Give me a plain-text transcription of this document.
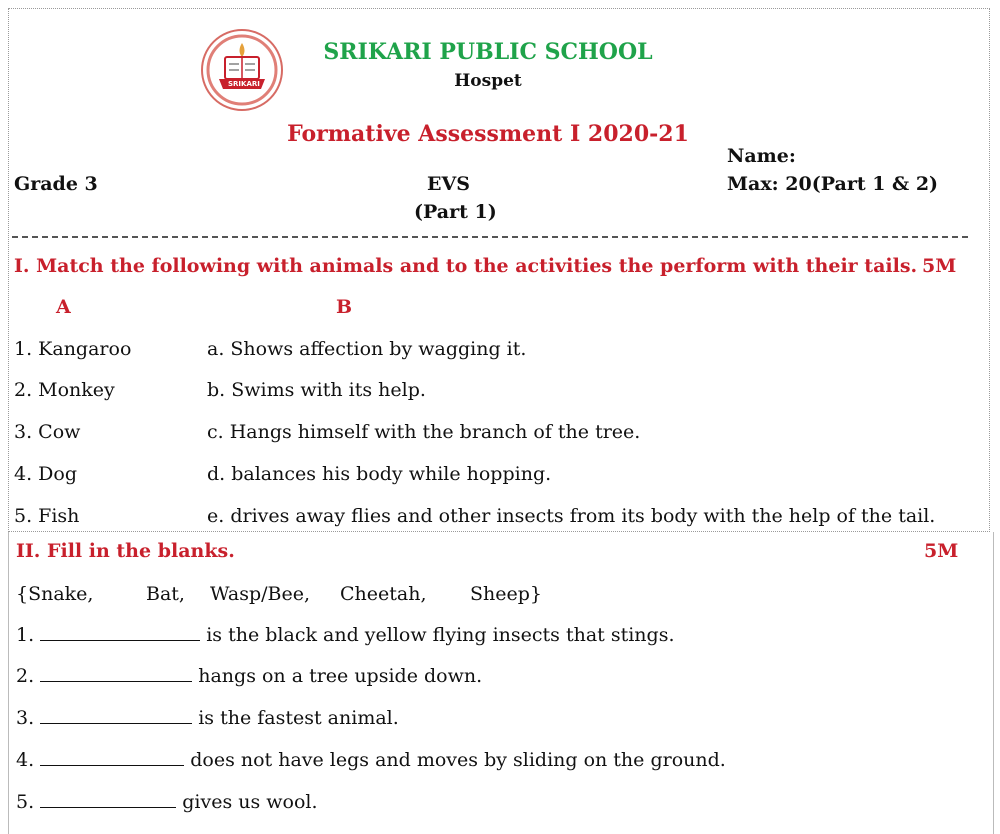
SRIKARI
SRIKARI PUBLIC SCHOOL
Hospet
Formative Assessment I 2020-21
Name:
Grade 3	EVS	Max: 20(Part 1 & 2)
(Part 1)
I. Match the following with animals and to the activities the perform with their tails. 5M
A	B
1. Kangaroo	a. Shows affection by wagging it.
2. Monkey	b. Swims with its help.
3. Cow	c. Hangs himself with the branch of the tree.
4. Dog	d. balances his body while hopping.
5. Fish	e. drives away flies and other insects from its body with the help of the tail.
II. Fill in the blanks.	5M
{Snake,	Bat, Wasp/Bee, Cheetah, Sheep}
1.	is the black and yellow flying insects that stings.
2.	hangs on a tree upside down.
3.	is the fastest animal.
4.	does not have legs and moves by sliding on the ground.
5.	gives us wool.
